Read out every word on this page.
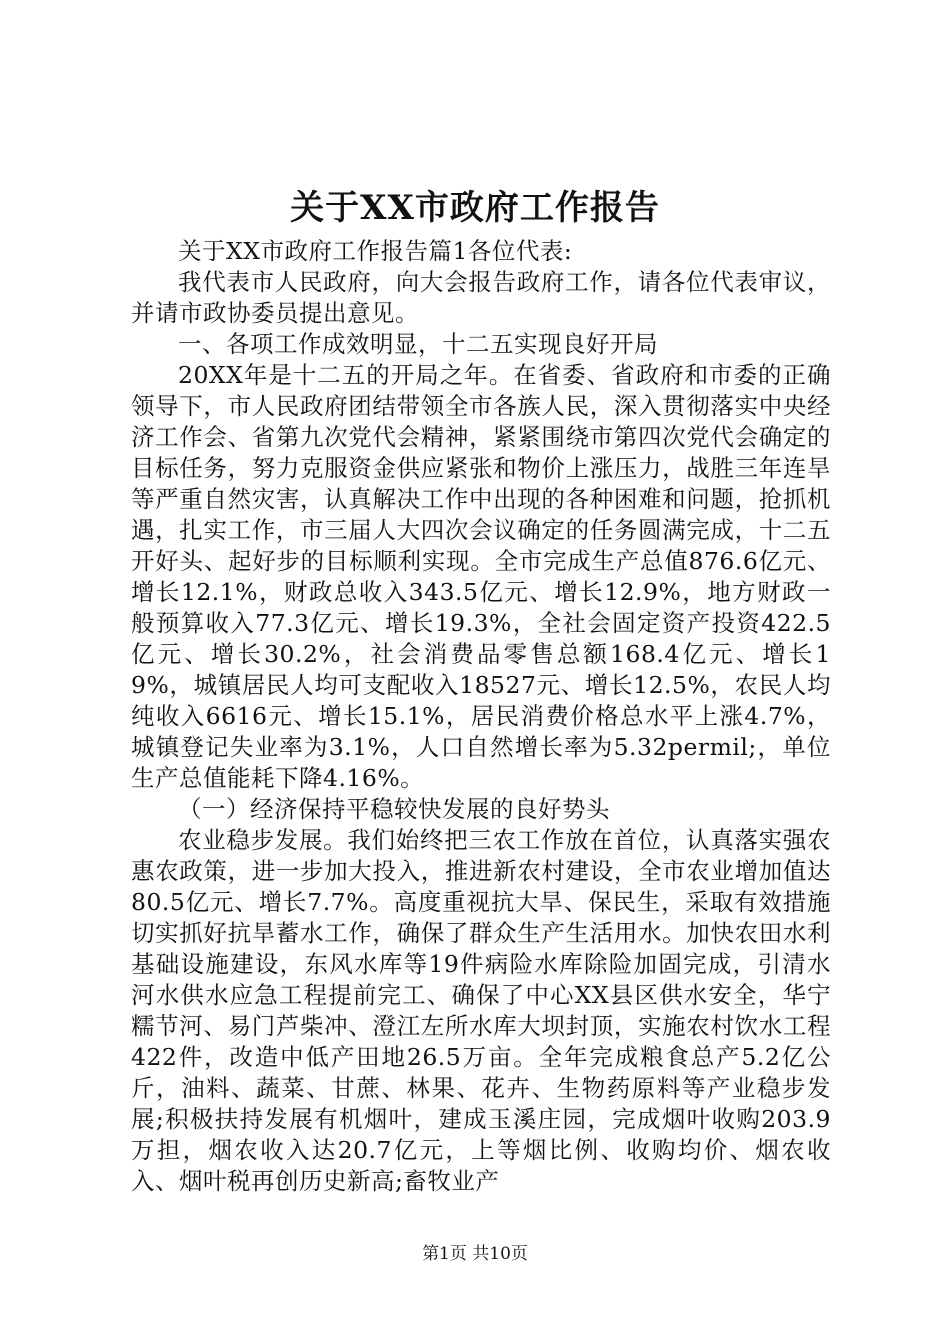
关于XX市政府工作报告

关于XX市政府工作报告篇1各位代表:

我代表市人民政府，向大会报告政府工作，请各位代表审议，并请市政协委员提出意见。

一、各项工作成效明显，十二五实现良好开局

20XX年是十二五的开局之年。在省委、省政府和市委的正确领导下，市人民政府团结带领全市各族人民，深入贯彻落实中央经济工作会、省第九次党代会精神，紧紧围绕市第四次党代会确定的目标任务，努力克服资金供应紧张和物价上涨压力，战胜三年连旱等严重自然灾害，认真解决工作中出现的各种困难和问题，抢抓机遇，扎实工作，市三届人大四次会议确定的任务圆满完成，十二五开好头、起好步的目标顺利实现。全市完成生产总值876.6亿元、增长12.1%，财政总收入343.5亿元、增长12.9%，地方财政一般预算收入77.3亿元、增长19.3%，全社会固定资产投资422.5亿元、增长30.2%，社会消费品零售总额168.4亿元、增长19%，城镇居民人均可支配收入18527元、增长12.5%，农民人均纯收入6616元、增长15.1%，居民消费价格总水平上涨4.7%，城镇登记失业率为3.1%，人口自然增长率为5.32permil;，单位生产总值能耗下降4.16%。

（一）经济保持平稳较快发展的良好势头

农业稳步发展。我们始终把三农工作放在首位，认真落实强农惠农政策，进一步加大投入，推进新农村建设，全市农业增加值达80.5亿元、增长7.7%。高度重视抗大旱、保民生，采取有效措施切实抓好抗旱蓄水工作，确保了群众生产生活用水。加快农田水利基础设施建设，东风水库等19件病险水库除险加固完成，引清水河水供水应急工程提前完工、确保了中心XX县区供水安全，华宁糯节河、易门芦柴冲、澄江左所水库大坝封顶，实施农村饮水工程422件，改造中低产田地26.5万亩。全年完成粮食总产5.2亿公斤，油料、蔬菜、甘蔗、林果、花卉、生物药原料等产业稳步发展;积极扶持发展有机烟叶，建成玉溪庄园，完成烟叶收购203.9万担，烟农收入达20.7亿元，上等烟比例、收购均价、烟农收入、烟叶税再创历史新高;畜牧业产

第1页 共10页
